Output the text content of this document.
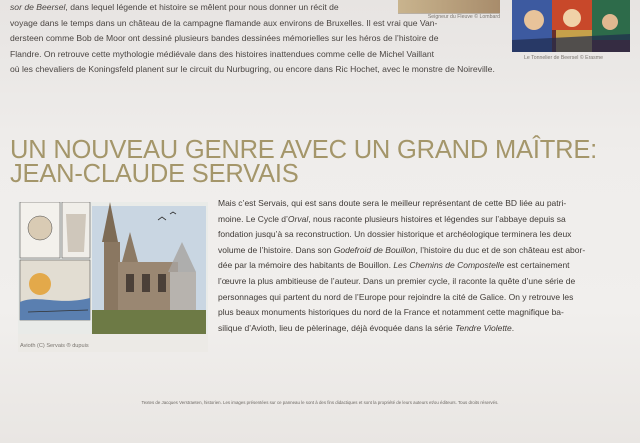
Seigneur du Fleuve © Lombard
Le Tonnelier de Beersel © Erasme

sor de Beersel, dans lequel légende et histoire se mêlent pour nous donner un récit de

voyage dans le temps dans un château de la campagne flamande aux environs de Bruxelles. Il est vrai que Van-

dersteen comme Bob de Moor ont dessiné plusieurs bandes dessinées mémorielles sur les héros de l’histoire de

Flandre. On retrouve cette mythologie médiévale dans des histoires inattendues comme celle de Michel Vaillant

où les chevaliers de Koningsfeld planent sur le circuit du Nurbugring, ou encore dans Ric Hochet, avec le monstre de Noireville.

UN NOUVEAU GENRE AVEC UN GRAND MAÎTRE:
JEAN-CLAUDE SERVAIS
Avioth (C) Servais ® dupuis

Mais c’est Servais, qui est sans doute sera le meilleur représentant de cette BD liée au patri-

moine. Le Cycle d’Orval, nous raconte plusieurs histoires et légendes sur l’abbaye depuis sa

fondation jusqu’à sa reconstruction. Un dossier historique et archéologique terminera les deux

volume de l’histoire. Dans son Godefroid de Bouillon, l’histoire du duc et de son château est abor-

dée par la mémoire des habitants de Bouillon. Les Chemins de Compostelle est certainement

l’œuvre la plus ambitieuse de l’auteur. Dans un premier cycle, il raconte la quête d’une série de

personnages qui partent du nord de l’Europe pour rejoindre la cité de Galice. On y retrouve les

plus beaux monuments historiques du nord de la France et notamment cette magnifique ba-

silique d’Avioth, lieu de pèlerinage, déjà évoquée dans la série Tendre Violette.

Textes de Jacques Verstraeten, historien. Les images présentées sur ce panneau le sont à des fins didactiques et sont la propriété de leurs auteurs et/ou éditeurs. Tous droits réservés.
